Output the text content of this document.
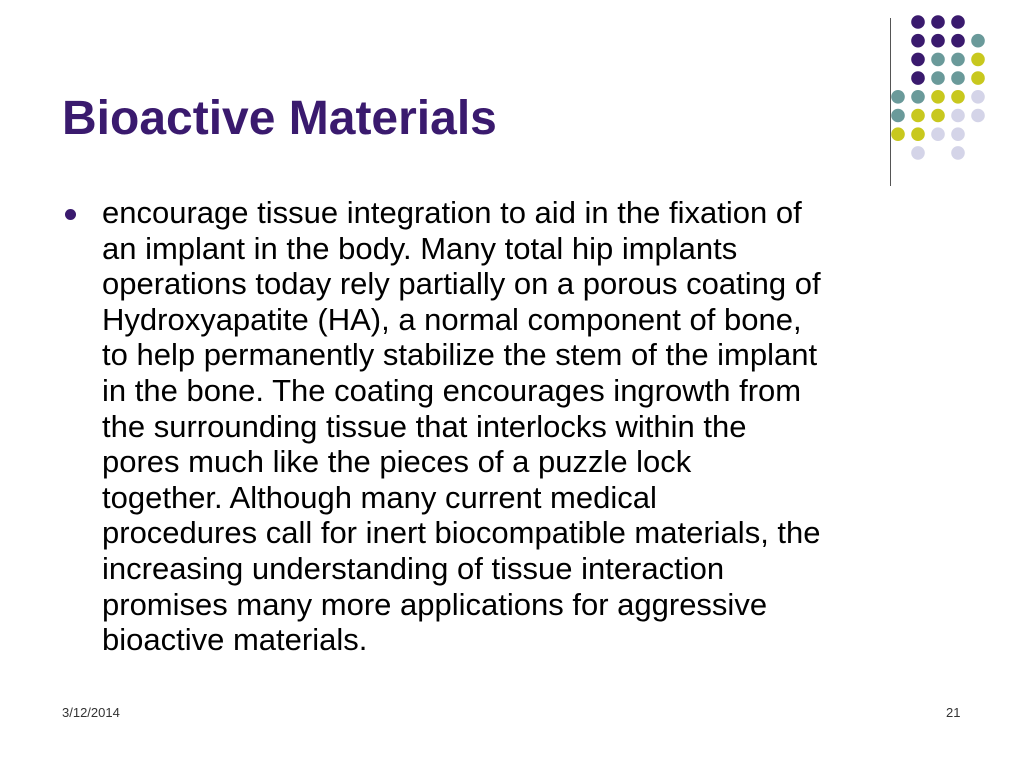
Bioactive Materials
encourage tissue integration to aid in the fixation of
an implant in the body. Many total hip implants
operations today rely partially on a porous coating of
Hydroxyapatite (HA), a normal component of bone,
to help permanently stabilize the stem of the implant
in the bone. The coating encourages ingrowth from
the surrounding tissue that interlocks within the
pores much like the pieces of a puzzle lock
together. Although many current medical
procedures call for inert biocompatible materials, the
increasing understanding of tissue interaction
promises many more applications for aggressive
bioactive materials.
3/12/2014	21
